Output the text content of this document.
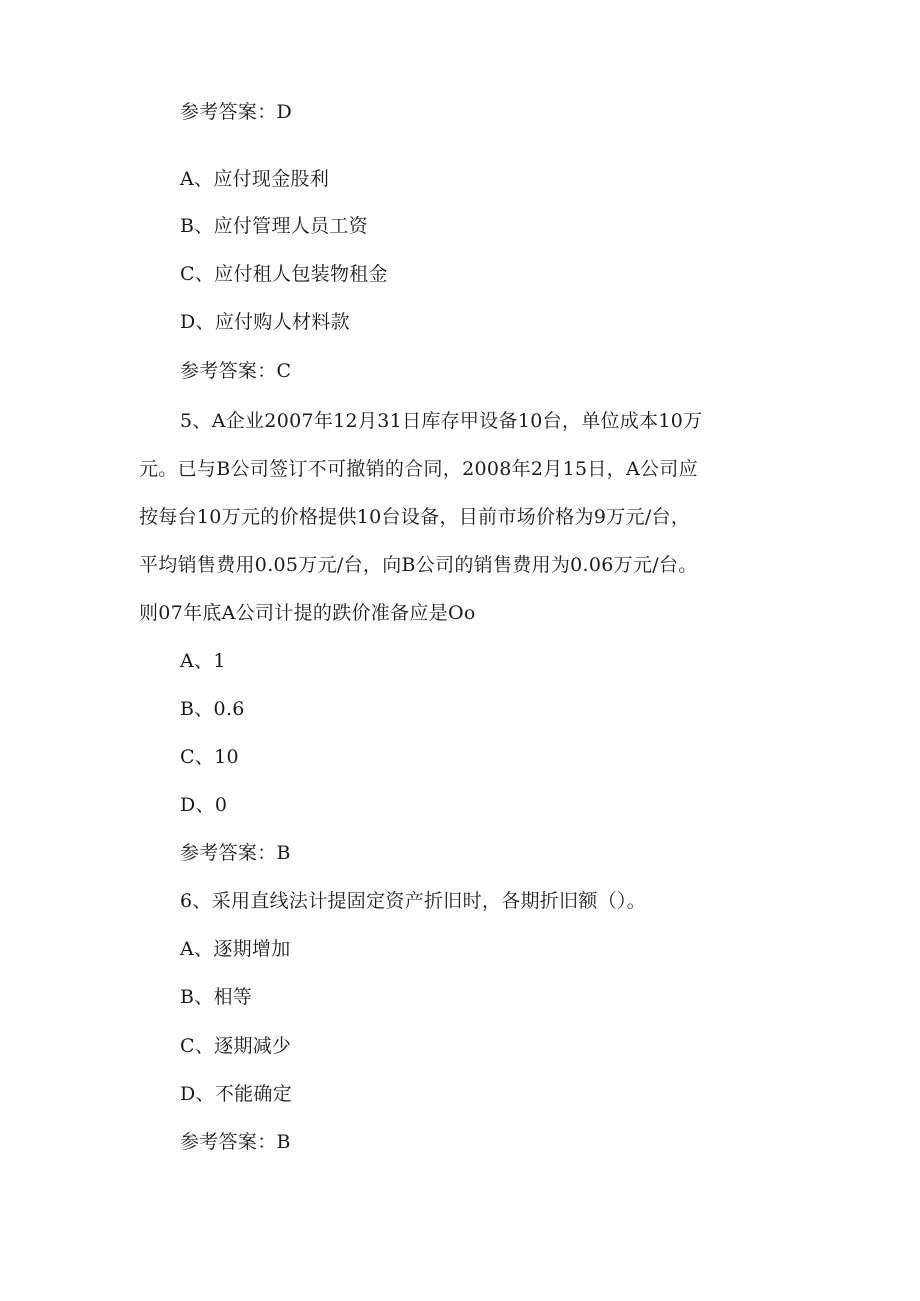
参考答案：D
A、应付现金股利
B、应付管理人员工资
C、应付租人包装物租金
D、应付购人材料款
参考答案：C
5、A企业2007年12月31日库存甲设备10台，单位成本10万
元。已与B公司签订不可撤销的合同，2008年2月15日，A公司应
按每台10万元的价格提供10台设备，目前市场价格为9万元/台，
平均销售费用0.05万元/台，向B公司的销售费用为0.06万元/台。
则07年底A公司计提的跌价准备应是Oo
A、1
B、0.6
C、10
D、0
参考答案：B
6、采用直线法计提固定资产折旧时，各期折旧额（）。
A、逐期增加
B、相等
C、逐期减少
D、不能确定
参考答案：B
